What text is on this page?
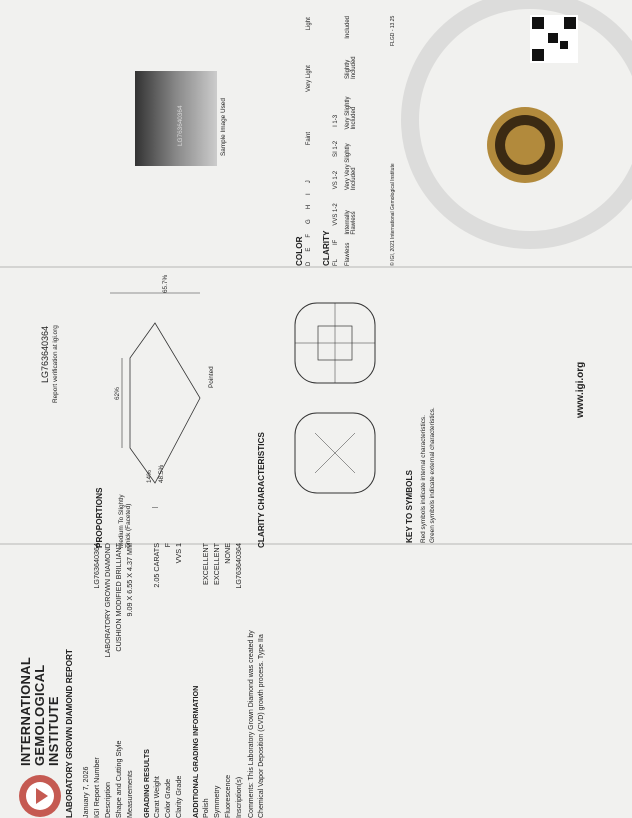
INTERNATIONAL GEMOLOGICAL INSTITUTE LABORATORY GROWN DIAMOND REPORT January 7, 2026 IGI Report Number
LG763640364
Description
LABORATORY GROWN DIAMOND
Shape and Cutting Style
CUSHION MODIFIED BRILLIANT
Measurements
9.09 X 6.55 X 4.37 MM
GRADING RESULTS Carat Weight
2.05 CARATS
Color Grade
F
Clarity Grade
VVS 1
ADDITIONAL GRADING INFORMATION Polish
EXCELLENT
Symmetry
EXCELLENT
Fluorescence
NONE
Inscription(s)
LG763640364
Comments: This Laboratory Grown Diamond was created by Chemical Vapor Deposition (CVD) growth process. Type IIa
LG763640364 Report verification at igi.org
PROPORTIONS Medium To Slightly Thick (Faceted)
65.7%
62%
14% 48.5%
Pointed
CLARITY CHARACTERISTICS	KEY TO SYMBOLS Red symbols indicate internal characteristics. Green symbols indicate external characteristics.
www.igi.org
LG763640364	Sample Image Used
COLOR D
E
F
G
H
I
J
Faint
Very Light
Light
CLARITY FL
IF
VVS 1-2
VS 1-2
SI 1-2
I 1-3
Flawless
Internally Flawless
Very Very Slightly Included
Very Slightly Included
Slightly Included
Included
© IGI, 2021 International Gemological Institute
FLGD - 13.25
